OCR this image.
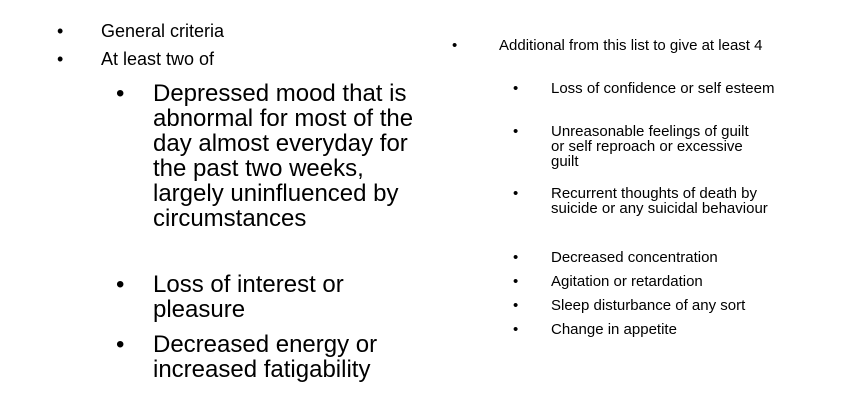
• General criteria
• At least two of
• Depressed mood that is abnormal for most of the day almost everyday for the past two weeks, largely uninfluenced by circumstances
• Loss of interest or pleasure
• Decreased energy or increased fatigability
•	Additional from this list to give at least 4
• Loss of confidence or self esteem
• Unreasonable feelings of guilt or self reproach or excessive guilt
• Recurrent thoughts of death by suicide or any suicidal behaviour
• Decreased concentration
• Agitation or retardation
• Sleep disturbance of any sort
• Change in appetite
